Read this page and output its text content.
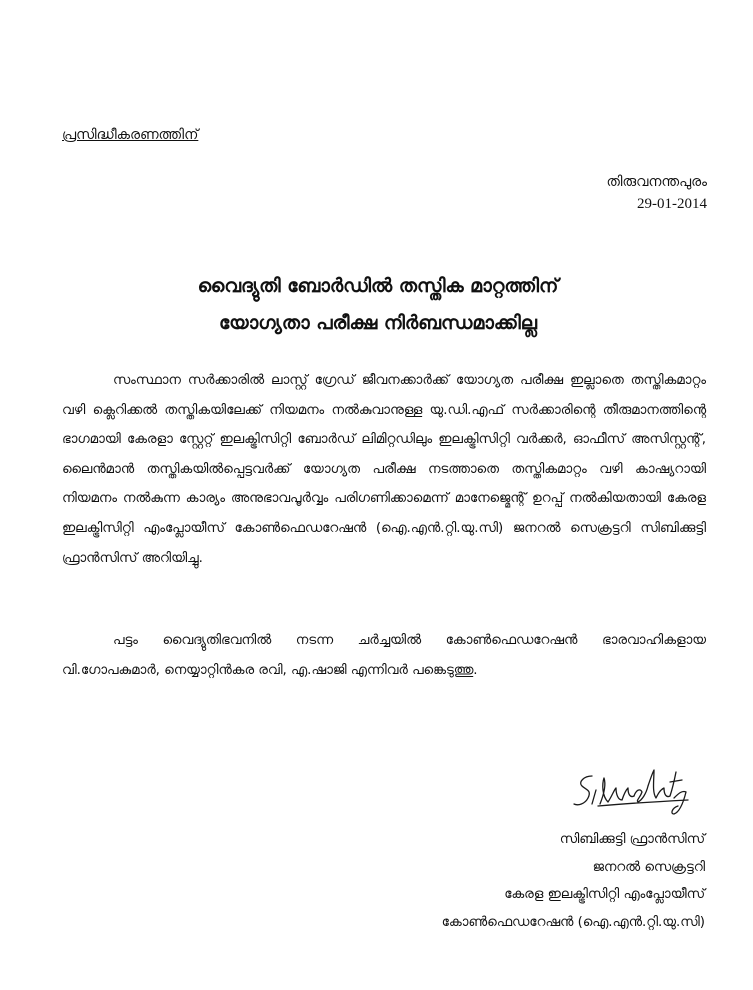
പ്രസിദ്ധീകരണത്തിന്
തിരുവനന്തപുരം
29-01-2014
വൈദ്യുതി ബോർഡിൽ തസ്തിക മാറ്റത്തിന്
യോഗ്യതാ പരീക്ഷ നിർബന്ധമാക്കില്ല
സംസ്ഥാന സർക്കാരിൽ ലാസ്റ്റ് ഗ്രേഡ് ജീവനക്കാർക്ക് യോഗ്യത പരീക്ഷ ഇല്ലാതെ തസ്തികമാറ്റം വഴി ക്ലെറിക്കൽ തസ്തികയിലേക്ക് നിയമനം നൽകുവാനുള്ള യു.ഡി.എഫ് സർക്കാരിന്റെ തീരുമാനത്തിന്റെ ഭാഗമായി കേരളാ സ്റ്റേറ്റ് ഇലക്ട്രിസിറ്റി ബോർഡ് ലിമിറ്റഡിലും ഇലക്ട്രിസിറ്റി വർക്കർ, ഓഫീസ് അസിസ്റ്റന്റ്, ലൈൻമാൻ തസ്തികയിൽപ്പെട്ടവർക്ക് യോഗ്യത പരീക്ഷ നടത്താതെ തസ്തികമാറ്റം വഴി കാഷ്യറായി നിയമനം നൽകുന്ന കാര്യം അനുഭാവപൂർവ്വം പരിഗണിക്കാമെന്ന് മാനേജ്മെന്റ് ഉറപ്പ് നൽകിയതായി കേരള ഇലക്ട്രിസിറ്റി എംപ്ലോയീസ് കോൺഫെഡറേഷൻ (ഐ.എൻ.റ്റി.യു.സി) ജനറൽ സെക്രട്ടറി സിബിക്കുട്ടി ഫ്രാൻസിസ് അറിയിച്ചു.
പട്ടം വൈദ്യുതിഭവനിൽ നടന്ന ചർച്ചയിൽ കോൺഫെഡറേഷൻ ഭാരവാഹികളായ വി.ഗോപകുമാർ, നെയ്യാറ്റിൻകര രവി, എ.ഷാജി എന്നിവർ പങ്കെടുത്തു.
സിബിക്കുട്ടി ഫ്രാൻസിസ്
ജനറൽ സെക്രട്ടറി
കേരള ഇലക്ട്രിസിറ്റി എംപ്ലോയീസ്
കോൺഫെഡറേഷൻ (ഐ.എൻ.റ്റി.യു.സി)
